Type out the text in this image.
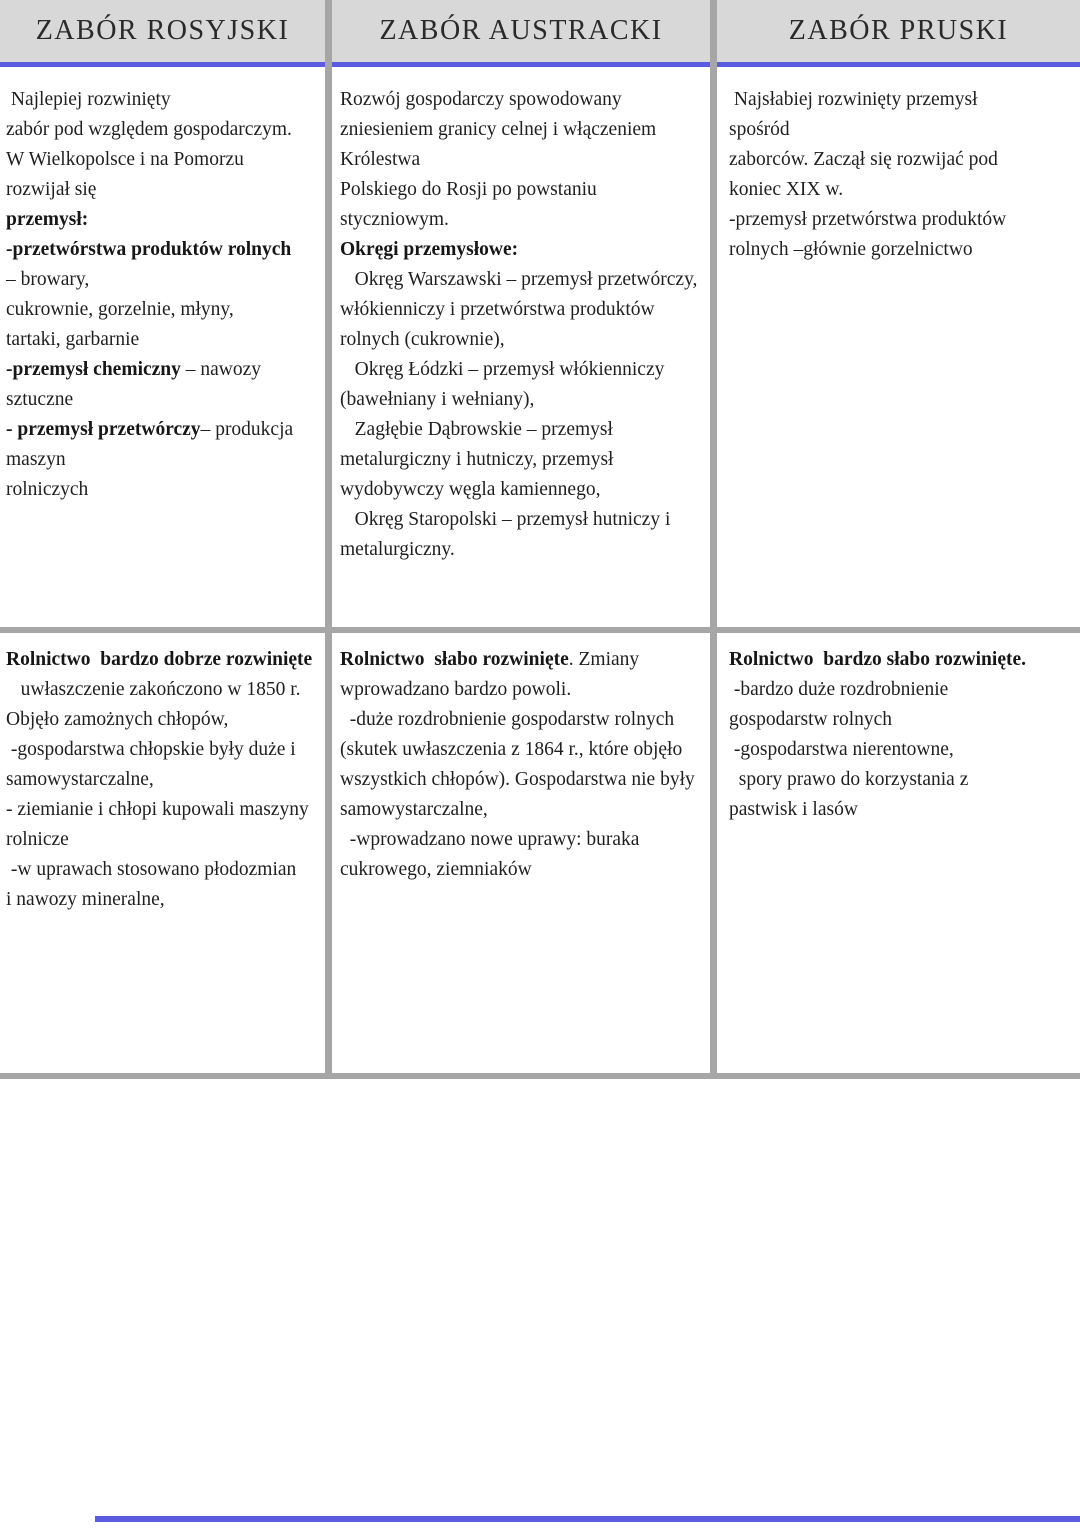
ZABÓR ROSYJSKI	ZABÓR AUSTRACKI	ZABÓR PRUSKI
Najlepiej rozwinięty
zabór pod względem gospodarczym.
W Wielkopolsce i na Pomorzu
rozwijał się
przemysł:
-przetwórstwa produktów rolnych
– browary,
cukrownie, gorzelnie, młyny,
tartaki, garbarnie
-przemysł chemiczny – nawozy
sztuczne
- przemysł przetwórczy– produkcja
maszyn
rolniczych
Rozwój gospodarczy spowodowany
zniesieniem granicy celnej i włączeniem
Królestwa
Polskiego do Rosji po powstaniu
styczniowym.
Okręgi przemysłowe:
Okręg Warszawski – przemysł przetwórczy,
włókienniczy i przetwórstwa produktów
rolnych (cukrownie),
Okręg Łódzki – przemysł włókienniczy
(bawełniany i wełniany),
Zagłębie Dąbrowskie – przemysł
metalurgiczny i hutniczy, przemysł
wydobywczy węgla kamiennego,
Okręg Staropolski – przemysł hutniczy i
metalurgiczny.
Najsłabiej rozwinięty przemysł
spośród
zaborców. Zaczął się rozwijać pod
koniec XIX w.
-przemysł przetwórstwa produktów
rolnych –głównie gorzelnictwo
Rolnictwo  bardzo dobrze rozwinięte
uwłaszczenie zakończono w 1850 r.
Objęło zamożnych chłopów,
-gospodarstwa chłopskie były duże i
samowystarczalne,
- ziemianie i chłopi kupowali maszyny
rolnicze
-w uprawach stosowano płodozmian
i nawozy mineralne,
Rolnictwo  słabo rozwinięte. Zmiany
wprowadzano bardzo powoli.
-duże rozdrobnienie gospodarstw rolnych
(skutek uwłaszczenia z 1864 r., które objęło
wszystkich chłopów). Gospodarstwa nie były
samowystarczalne,
-wprowadzano nowe uprawy: buraka
cukrowego, ziemniaków
Rolnictwo  bardzo słabo rozwinięte.
-bardzo duże rozdrobnienie
gospodarstw rolnych
-gospodarstwa nierentowne,
spory prawo do korzystania z
pastwisk i lasów
